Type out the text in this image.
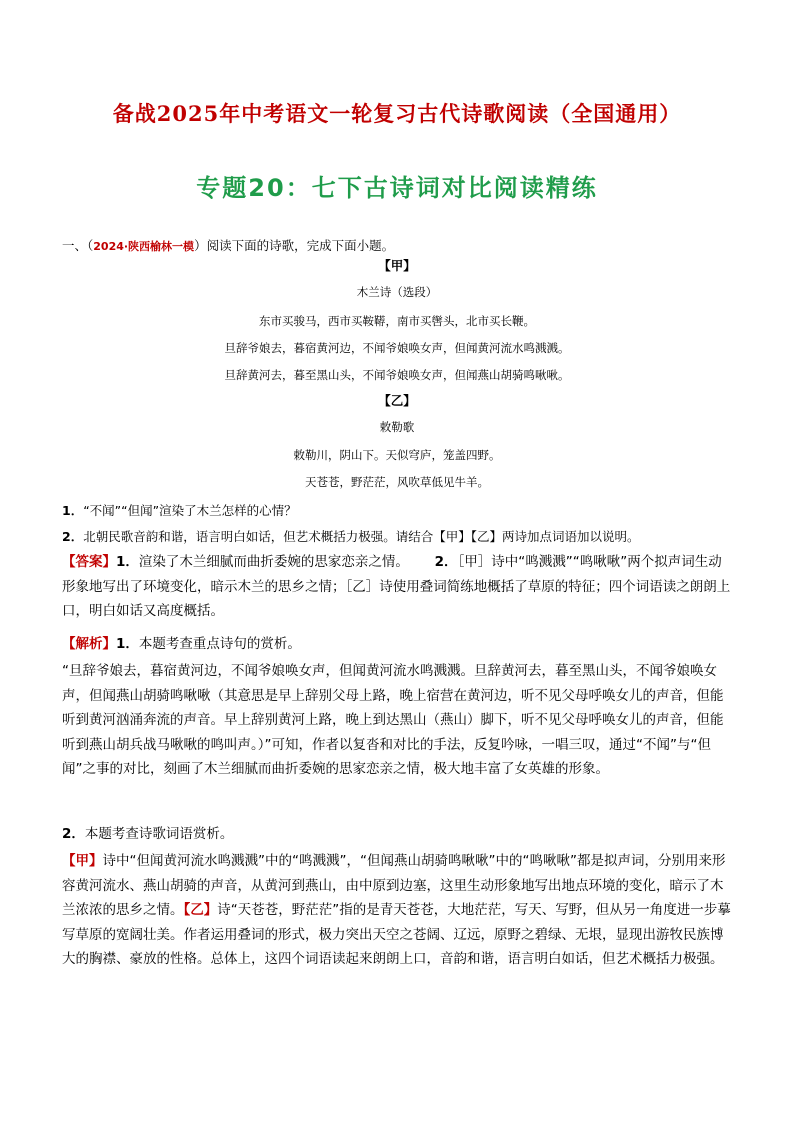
备战2025年中考语文一轮复习古代诗歌阅读（全国通用）
专题20：七下古诗词对比阅读精练
一、（2024·陕西榆林一模）阅读下面的诗歌，完成下面小题。
【甲】
木兰诗（选段）
东市买骏马，西市买鞍鞯，南市买辔头，北市买长鞭。
旦辞爷娘去，暮宿黄河边，不闻爷娘唤女声，但闻黄河流水鸣溅溅。
旦辞黄河去，暮至黑山头，不闻爷娘唤女声，但闻燕山胡骑鸣啾啾。
【乙】
敕勒歌
敕勒川，阴山下。天似穹庐，笼盖四野。
天苍苍，野茫茫，风吹草低见牛羊。
1．“不闻”“但闻”渲染了木兰怎样的心情？
2．北朝民歌音韵和谐，语言明白如话，但艺术概括力极强。请结合【甲】【乙】两诗加点词语加以说明。
【答案】1．渲染了木兰细腻而曲折委婉的思家恋亲之情。 2．［甲］诗中“鸣溅溅”“鸣啾啾”两个拟声词生动形象地写出了环境变化，暗示木兰的思乡之情；［乙］诗使用叠词简练地概括了草原的特征；四个词语读之朗朗上口，明白如话又高度概括。
【解析】1．本题考查重点诗句的赏析。
“旦辞爷娘去，暮宿黄河边，不闻爷娘唤女声，但闻黄河流水鸣溅溅。旦辞黄河去，暮至黑山头，不闻爷娘唤女声，但闻燕山胡骑鸣啾啾（其意思是早上辞别父母上路，晚上宿营在黄河边，听不见父母呼唤女儿的声音，但能听到黄河汹涌奔流的声音。早上辞别黄河上路，晚上到达黑山（燕山）脚下，听不见父母呼唤女儿的声音，但能听到燕山胡兵战马啾啾的鸣叫声。）”可知，作者以复沓和对比的手法，反复吟咏，一唱三叹，通过“不闻”与“但闻”之事的对比，刻画了木兰细腻而曲折委婉的思家恋亲之情，极大地丰富了女英雄的形象。
2．本题考查诗歌词语赏析。
【甲】诗中“但闻黄河流水鸣溅溅”中的“鸣溅溅”，“但闻燕山胡骑鸣啾啾”中的“鸣啾啾”都是拟声词，分别用来形容黄河流水、燕山胡骑的声音，从黄河到燕山，由中原到边塞，这里生动形象地写出地点环境的变化，暗示了木兰浓浓的思乡之情。【乙】诗“天苍苍，野茫茫”指的是青天苍苍，大地茫茫，写天、写野，但从另一角度进一步摹写草原的宽阔壮美。作者运用叠词的形式，极力突出天空之苍阔、辽远，原野之碧绿、无垠，显现出游牧民族博大的胸襟、豪放的性格。总体上，这四个词语读起来朗朗上口，音韵和谐，语言明白如话，但艺术概括力极强。
